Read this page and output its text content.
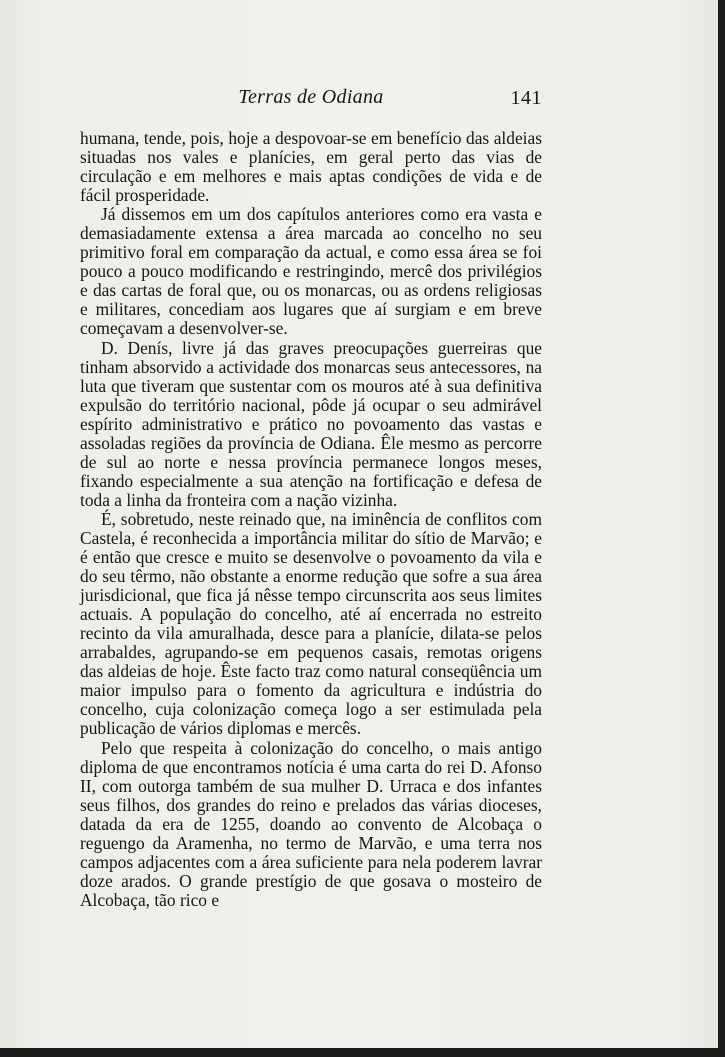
Terras de Odiana	141

humana, tende, pois, hoje a despovoar-se em benefício das aldeias situadas nos vales e planícies, em geral perto das vias de circulação e em melhores e mais aptas condições de vida e de fácil prosperidade.

Já dissemos em um dos capítulos anteriores como era vasta e demasiadamente extensa a área marcada ao concelho no seu primitivo foral em comparação da actual, e como essa área se foi pouco a pouco modificando e restringindo, mercê dos privilégios e das cartas de foral que, ou os monarcas, ou as ordens religiosas e militares, concediam aos lugares que aí surgiam e em breve começavam a desenvolver-se.

D. Denís, livre já das graves preocupações guerreiras que tinham absorvido a actividade dos monarcas seus antecessores, na luta que tiveram que sustentar com os mouros até à sua definitiva expulsão do território nacional, pôde já ocupar o seu admirável espírito administrativo e prático no povoamento das vastas e assoladas regiões da província de Odiana. Êle mesmo as percorre de sul ao norte e nessa província permanece longos meses, fixando especialmente a sua atenção na fortificação e defesa de toda a linha da fronteira com a nação vizinha.

É, sobretudo, neste reinado que, na iminência de conflitos com Castela, é reconhecida a importância militar do sítio de Marvão; e é então que cresce e muito se desenvolve o povoamento da vila e do seu têrmo, não obstante a enorme redução que sofre a sua área jurisdicional, que fica já nêsse tempo circunscrita aos seus limites actuais. A população do concelho, até aí encerrada no estreito recinto da vila amuralhada, desce para a planície, dilata-se pelos arrabaldes, agrupando-se em pequenos casais, remotas origens das aldeias de hoje. Êste facto traz como natural conseqüência um maior impulso para o fomento da agricultura e indústria do concelho, cuja colonização começa logo a ser estimulada pela publicação de vários diplomas e mercês.

Pelo que respeita à colonização do concelho, o mais antigo diploma de que encontramos notícia é uma carta do rei D. Afonso II, com outorga também de sua mulher D. Urraca e dos infantes seus filhos, dos grandes do reino e prelados das várias dioceses, datada da era de 1255, doando ao convento de Alcobaça o reguengo da Aramenha, no termo de Marvão, e uma terra nos campos adjacentes com a área suficiente para nela poderem lavrar doze arados. O grande prestígio de que gosava o mosteiro de Alcobaça, tão rico e
